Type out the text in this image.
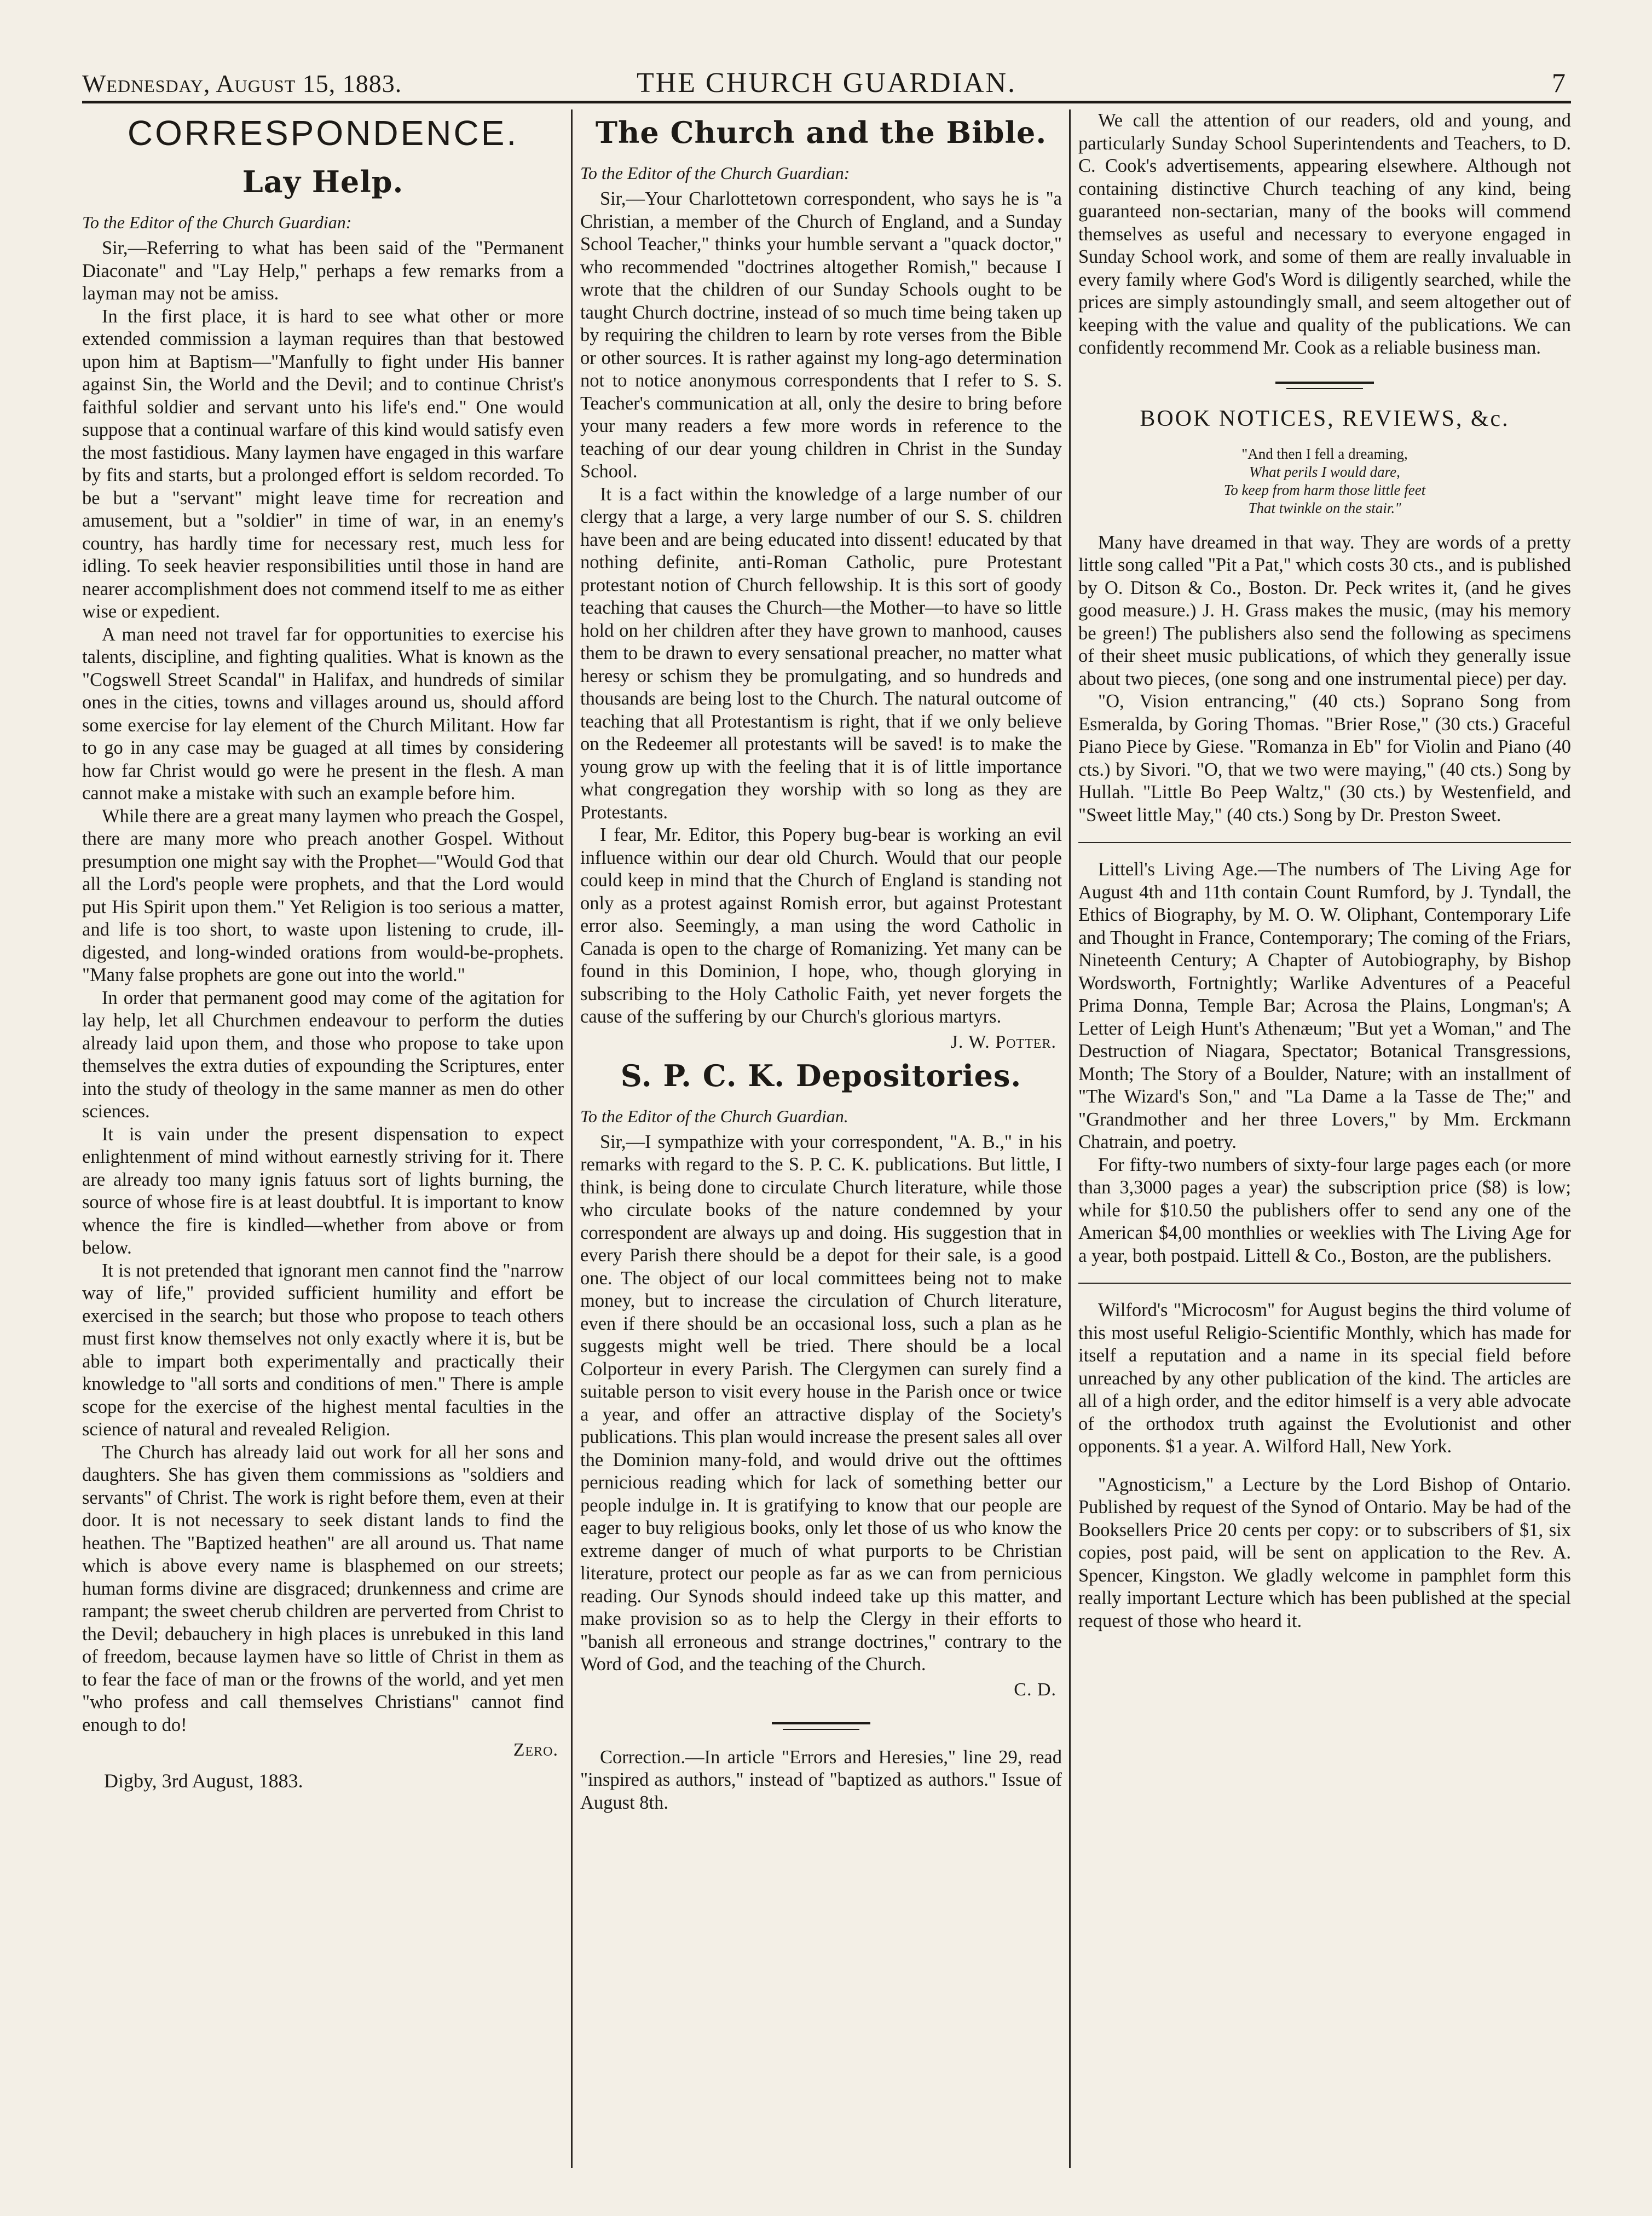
Wednesday, August 15, 1883.	THE CHURCH GUARDIAN.	7
CORRESPONDENCE.
Lay Help.
To the Editor of the Church Guardian:

Sir,—Referring to what has been said of the "Permanent Diaconate" and "Lay Help," perhaps a few remarks from a layman may not be amiss.

In the first place, it is hard to see what other or more extended commission a layman requires than that bestowed upon him at Baptism—"Manfully to fight under His banner against Sin, the World and the Devil; and to continue Christ's faithful soldier and servant unto his life's end." One would suppose that a continual warfare of this kind would satisfy even the most fastidious. Many laymen have engaged in this warfare by fits and starts, but a prolonged effort is seldom recorded. To be but a "servant" might leave time for recreation and amusement, but a "soldier" in time of war, in an enemy's country, has hardly time for necessary rest, much less for idling. To seek heavier responsibilities until those in hand are nearer accomplishment does not commend itself to me as either wise or expedient.

A man need not travel far for opportunities to exercise his talents, discipline, and fighting qualities. What is known as the "Cogswell Street Scandal" in Halifax, and hundreds of similar ones in the cities, towns and villages around us, should afford some exercise for lay element of the Church Militant. How far to go in any case may be guaged at all times by considering how far Christ would go were he present in the flesh. A man cannot make a mistake with such an example before him.

While there are a great many laymen who preach the Gospel, there are many more who preach another Gospel. Without presumption one might say with the Prophet—"Would God that all the Lord's people were prophets, and that the Lord would put His Spirit upon them." Yet Religion is too serious a matter, and life is too short, to waste upon listening to crude, ill-digested, and long-winded orations from would-be-prophets. "Many false prophets are gone out into the world."

In order that permanent good may come of the agitation for lay help, let all Churchmen endeavour to perform the duties already laid upon them, and those who propose to take upon themselves the extra duties of expounding the Scriptures, enter into the study of theology in the same manner as men do other sciences.

It is vain under the present dispensation to expect enlightenment of mind without earnestly striving for it. There are already too many ignis fatuus sort of lights burning, the source of whose fire is at least doubtful. It is important to know whence the fire is kindled—whether from above or from below.

It is not pretended that ignorant men cannot find the "narrow way of life," provided sufficient humility and effort be exercised in the search; but those who propose to teach others must first know themselves not only exactly where it is, but be able to impart both experimentally and practically their knowledge to "all sorts and conditions of men." There is ample scope for the exercise of the highest mental faculties in the science of natural and revealed Religion.

The Church has already laid out work for all her sons and daughters. She has given them commissions as "soldiers and servants" of Christ. The work is right before them, even at their door. It is not necessary to seek distant lands to find the heathen. The "Baptized heathen" are all around us. That name which is above every name is blasphemed on our streets; human forms divine are disgraced; drunkenness and crime are rampant; the sweet cherub children are perverted from Christ to the Devil; debauchery in high places is unrebuked in this land of freedom, because laymen have so little of Christ in them as to fear the face of man or the frowns of the world, and yet men "who profess and call themselves Christians" cannot find enough to do!

Zero.
Digby, 3rd August, 1883.
The Church and the Bible.
To the Editor of the Church Guardian:

Sir,—Your Charlottetown correspondent, who says he is "a Christian, a member of the Church of England, and a Sunday School Teacher," thinks your humble servant a "quack doctor," who recommended "doctrines altogether Romish," because I wrote that the children of our Sunday Schools ought to be taught Church doctrine, instead of so much time being taken up by requiring the children to learn by rote verses from the Bible or other sources. It is rather against my long-ago determination not to notice anonymous correspondents that I refer to S. S. Teacher's communication at all, only the desire to bring before your many readers a few more words in reference to the teaching of our dear young children in Christ in the Sunday School.

It is a fact within the knowledge of a large number of our clergy that a large, a very large number of our S. S. children have been and are being educated into dissent! educated by that nothing definite, anti-Roman Catholic, pure Protestant protestant notion of Church fellowship. It is this sort of goody teaching that causes the Church—the Mother—to have so little hold on her children after they have grown to manhood, causes them to be drawn to every sensational preacher, no matter what heresy or schism they be promulgating, and so hundreds and thousands are being lost to the Church. The natural outcome of teaching that all Protestantism is right, that if we only believe on the Redeemer all protestants will be saved! is to make the young grow up with the feeling that it is of little importance what congregation they worship with so long as they are Protestants.

I fear, Mr. Editor, this Popery bug-bear is working an evil influence within our dear old Church. Would that our people could keep in mind that the Church of England is standing not only as a protest against Romish error, but against Protestant error also. Seemingly, a man using the word Catholic in Canada is open to the charge of Romanizing. Yet many can be found in this Dominion, I hope, who, though glorying in subscribing to the Holy Catholic Faith, yet never forgets the cause of the suffering by our Church's glorious martyrs.

J. W. Potter.
S. P. C. K. Depositories.
To the Editor of the Church Guardian.

Sir,—I sympathize with your correspondent, "A. B.," in his remarks with regard to the S. P. C. K. publications. But little, I think, is being done to circulate Church literature, while those who circulate books of the nature condemned by your correspondent are always up and doing. His suggestion that in every Parish there should be a depot for their sale, is a good one. The object of our local committees being not to make money, but to increase the circulation of Church literature, even if there should be an occasional loss, such a plan as he suggests might well be tried. There should be a local Colporteur in every Parish. The Clergymen can surely find a suitable person to visit every house in the Parish once or twice a year, and offer an attractive display of the Society's publications. This plan would increase the present sales all over the Dominion many-fold, and would drive out the ofttimes pernicious reading which for lack of something better our people indulge in. It is gratifying to know that our people are eager to buy religious books, only let those of us who know the extreme danger of much of what purports to be Christian literature, protect our people as far as we can from pernicious reading. Our Synods should indeed take up this matter, and make provision so as to help the Clergy in their efforts to "banish all erroneous and strange doctrines," contrary to the Word of God, and the teaching of the Church.

C. D.

Correction.—In article "Errors and Heresies," line 29, read "inspired as authors," instead of "baptized as authors." Issue of August 8th.

We call the attention of our readers, old and young, and particularly Sunday School Superintendents and Teachers, to D. C. Cook's advertisements, appearing elsewhere. Although not containing distinctive Church teaching of any kind, being guaranteed non-sectarian, many of the books will commend themselves as useful and necessary to everyone engaged in Sunday School work, and some of them are really invaluable in every family where God's Word is diligently searched, while the prices are simply astoundingly small, and seem altogether out of keeping with the value and quality of the publications. We can confidently recommend Mr. Cook as a reliable business man.

BOOK NOTICES, REVIEWS, &c.
"And then I fell a dreaming,
What perils I would dare,
To keep from harm those little feet
That twinkle on the stair."

Many have dreamed in that way. They are words of a pretty little song called "Pit a Pat," which costs 30 cts., and is published by O. Ditson & Co., Boston. Dr. Peck writes it, (and he gives good measure.) J. H. Grass makes the music, (may his memory be green!) The publishers also send the following as specimens of their sheet music publications, of which they generally issue about two pieces, (one song and one instrumental piece) per day.

"O, Vision entrancing," (40 cts.) Soprano Song from Esmeralda, by Goring Thomas. "Brier Rose," (30 cts.) Graceful Piano Piece by Giese. "Romanza in Eb" for Violin and Piano (40 cts.) by Sivori. "O, that we two were maying," (40 cts.) Song by Hullah. "Little Bo Peep Waltz," (30 cts.) by Westenfield, and "Sweet little May," (40 cts.) Song by Dr. Preston Sweet.

Littell's Living Age.—The numbers of The Living Age for August 4th and 11th contain Count Rumford, by J. Tyndall, the Ethics of Biography, by M. O. W. Oliphant, Contemporary Life and Thought in France, Contemporary; The coming of the Friars, Nineteenth Century; A Chapter of Autobiography, by Bishop Wordsworth, Fortnightly; Warlike Adventures of a Peaceful Prima Donna, Temple Bar; Acrosa the Plains, Longman's; A Letter of Leigh Hunt's Athenæum; "But yet a Woman," and The Destruction of Niagara, Spectator; Botanical Transgressions, Month; The Story of a Boulder, Nature; with an installment of "The Wizard's Son," and "La Dame a la Tasse de The;" and "Grandmother and her three Lovers," by Mm. Erckmann Chatrain, and poetry.

For fifty-two numbers of sixty-four large pages each (or more than 3,3000 pages a year) the subscription price ($8) is low; while for $10.50 the publishers offer to send any one of the American $4,00 monthlies or weeklies with The Living Age for a year, both postpaid. Littell & Co., Boston, are the publishers.

Wilford's "Microcosm" for August begins the third volume of this most useful Religio-Scientific Monthly, which has made for itself a reputation and a name in its special field before unreached by any other publication of the kind. The articles are all of a high order, and the editor himself is a very able advocate of the orthodox truth against the Evolutionist and other opponents. $1 a year. A. Wilford Hall, New York.

"Agnosticism," a Lecture by the Lord Bishop of Ontario. Published by request of the Synod of Ontario. May be had of the Booksellers Price 20 cents per copy: or to subscribers of $1, six copies, post paid, will be sent on application to the Rev. A. Spencer, Kingston. We gladly welcome in pamphlet form this really important Lecture which has been published at the special request of those who heard it.
